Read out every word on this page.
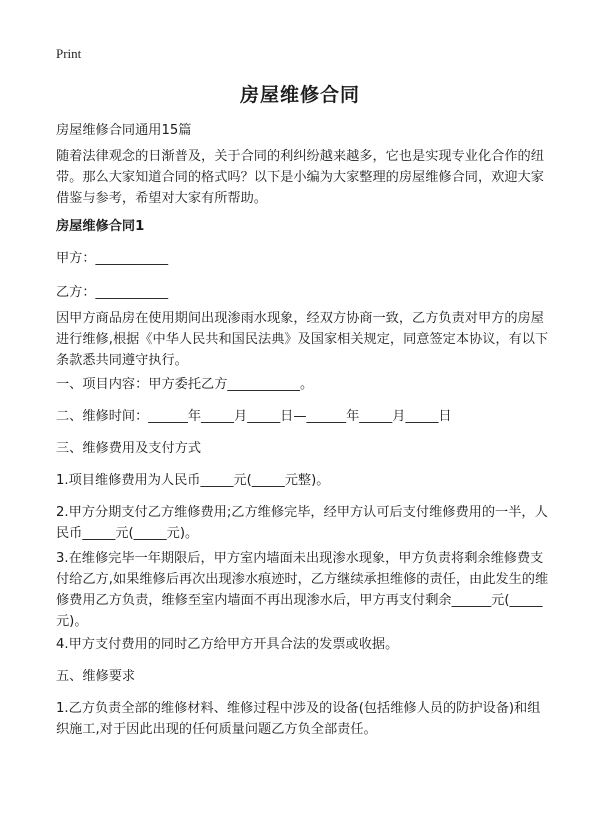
Print
房屋维修合同

房屋维修合同通用15篇

随着法律观念的日渐普及，关于合同的利纠纷越来越多，它也是实现专业化合作的纽带。那么大家知道合同的格式吗？以下是小编为大家整理的房屋维修合同，欢迎大家借鉴与参考，希望对大家有所帮助。

房屋维修合同1

甲方：___________

乙方：___________

因甲方商品房在使用期间出现渗雨水现象，经双方协商一致，乙方负责对甲方的房屋进行维修,根据《中华人民共和国民法典》及国家相关规定，同意签定本协议，有以下条款悉共同遵守执行。

一、项目内容：甲方委托乙方___________。

二、维修时间：______年_____月_____日—______年_____月_____日

三、维修费用及支付方式

1.项目维修费用为人民币_____元(_____元整)。

2.甲方分期支付乙方维修费用;乙方维修完毕，经甲方认可后支付维修费用的一半，人民币_____元(_____元)。

3.在维修完毕一年期限后，甲方室内墙面未出现渗水现象，甲方负责将剩余维修费支付给乙方,如果维修后再次出现渗水痕迹时，乙方继续承担维修的责任，由此发生的维修费用乙方负责，维修至室内墙面不再出现渗水后，甲方再支付剩余______元(_____元)。

4.甲方支付费用的同时乙方给甲方开具合法的发票或收据。

五、维修要求

1.乙方负责全部的维修材料、维修过程中涉及的设备(包括维修人员的防护设备)和组织施工,对于因此出现的任何质量问题乙方负全部责任。
